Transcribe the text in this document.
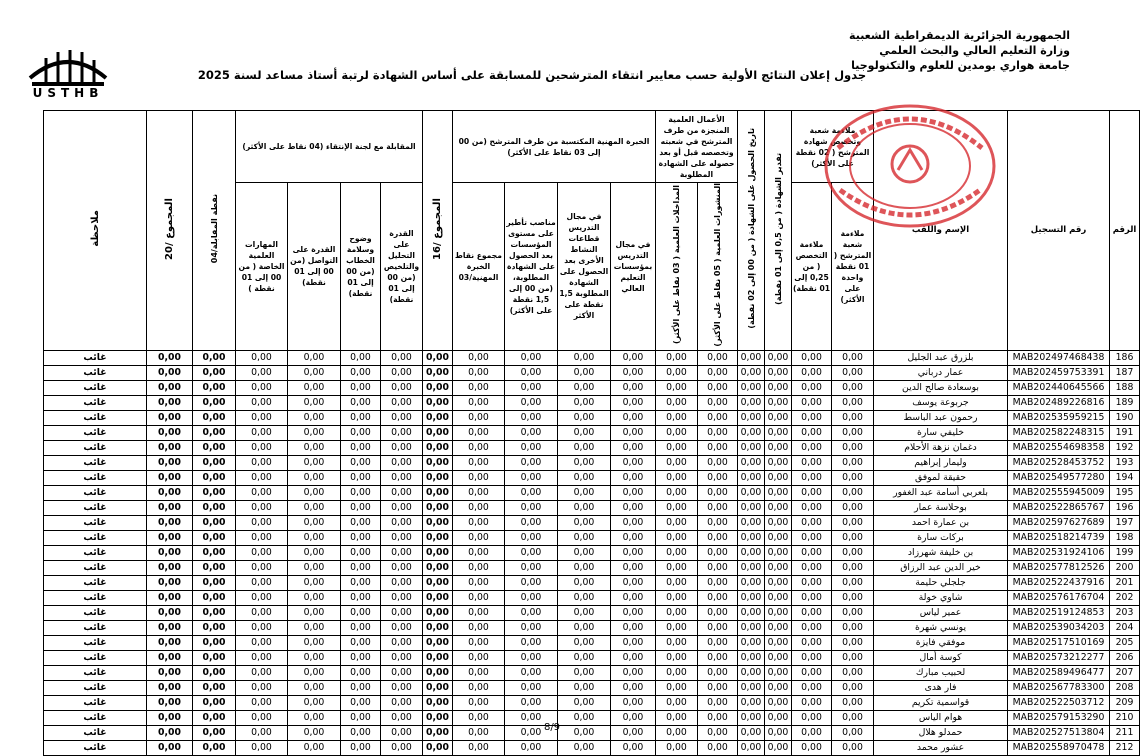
الجمهورية الجزائرية الديمقراطية الشعبية
وزارة التعليم العالي والبحث العلمي
جامعة هواري بومدين للعلوم والتكنولوجيا
USTHB
جدول إعلان النتائج الأولية حسب معايير انتقاء المترشحين للمسابقة على أساس الشهادة لرتبة أستاذ مساعد لسنة 2025
الرقم	رقم التسجيل	الإسم واللقب	ملاءمة شعبة وتخصص شهادة المترشح ( 02 نقطة على الأكثر)		تقدير الشهادة ( من 0,5 إلى 01 نقطة)	تاريخ الحصول على الشهادة ( من 00 إلى 02 نقطة)	الأعمال العلمية المنجزة من طرف المترشح في شعبته وتخصصه قبل أو بعد حصوله على الشهادة المطلوبة		الخبرة المهنية المكتسبة من طرف المترشح (من 00 إلى 03 نقاط على الأكثر)				المجموع /16	المقابلة مع لجنة الإنتقاء (04 نقاط على الأكثر)				نقطة المقابلة/04	المجموع /20	ملاحظة
			ملاءمة شعبة المترشح ( 01 نقطة واحدة على الأكثر)	ملاءمة التخصص ( من 0,25 إلى 01 نقطة)			المنشورات العلمية ( 05 نقاط على الأكثر)	المداخلات العلمية ( 03 نقاط على الأكثر)	في مجال التدريس بمؤسسات التعليم العالي	في مجال التدريس قطاعات النشاط الأخرى بعد الحصول على الشهادة المطلوبة 1,5 نقطة على الأكثر	مناصب تأطير على مستوى المؤسسات بعد الحصول على الشهادة المطلوبة، (من 00 إلى 1,5 نقطة على الأكثر)	مجموع نقاط الخبرة المهنية/03		القدرة على التحليل والتلخيص (من 00 إلى 01 نقطة)	وضوح وسلامة الخطاب (من 00 إلى 01 نقطة)	القدرة على التواصل (من 00 إلى 01 نقطة)	المهارات العلمية الخاصة ( من 00 إلى 01 نقطة )			
186	MAB202497468438	بلزرق عبد الجليل	0,00	0,00	0,00	0,00	0,00	0,00	0,00	0,00	0,00	0,00	0,00	0,00	0,00	0,00	0,00	0,00	0,00	غائب
187	MAB202459753391	عمار درباني	0,00	0,00	0,00	0,00	0,00	0,00	0,00	0,00	0,00	0,00	0,00	0,00	0,00	0,00	0,00	0,00	0,00	غائب
188	MAB202440645566	بوسعادة صالح الدين	0,00	0,00	0,00	0,00	0,00	0,00	0,00	0,00	0,00	0,00	0,00	0,00	0,00	0,00	0,00	0,00	0,00	غائب
189	MAB202489226816	جربوعة يوسف	0,00	0,00	0,00	0,00	0,00	0,00	0,00	0,00	0,00	0,00	0,00	0,00	0,00	0,00	0,00	0,00	0,00	غائب
190	MAB202535959215	رحمون عبد الباسط	0,00	0,00	0,00	0,00	0,00	0,00	0,00	0,00	0,00	0,00	0,00	0,00	0,00	0,00	0,00	0,00	0,00	غائب
191	MAB202582248315	خليفي سارة	0,00	0,00	0,00	0,00	0,00	0,00	0,00	0,00	0,00	0,00	0,00	0,00	0,00	0,00	0,00	0,00	0,00	غائب
192	MAB202554698358	دغمان نزهة الأحلام	0,00	0,00	0,00	0,00	0,00	0,00	0,00	0,00	0,00	0,00	0,00	0,00	0,00	0,00	0,00	0,00	0,00	غائب
193	MAB202528453752	وليمار إبراهيم	0,00	0,00	0,00	0,00	0,00	0,00	0,00	0,00	0,00	0,00	0,00	0,00	0,00	0,00	0,00	0,00	0,00	غائب
194	MAB202549577280	حقيقة لموفق	0,00	0,00	0,00	0,00	0,00	0,00	0,00	0,00	0,00	0,00	0,00	0,00	0,00	0,00	0,00	0,00	0,00	غائب
195	MAB202555945009	بلعربي أسامة عبد الغفور	0,00	0,00	0,00	0,00	0,00	0,00	0,00	0,00	0,00	0,00	0,00	0,00	0,00	0,00	0,00	0,00	0,00	غائب
196	MAB202522865767	بوحلاسة عمار	0,00	0,00	0,00	0,00	0,00	0,00	0,00	0,00	0,00	0,00	0,00	0,00	0,00	0,00	0,00	0,00	0,00	غائب
197	MAB202597627689	بن عمارة احمد	0,00	0,00	0,00	0,00	0,00	0,00	0,00	0,00	0,00	0,00	0,00	0,00	0,00	0,00	0,00	0,00	0,00	غائب
198	MAB202518214739	بركات سارة	0,00	0,00	0,00	0,00	0,00	0,00	0,00	0,00	0,00	0,00	0,00	0,00	0,00	0,00	0,00	0,00	0,00	غائب
199	MAB202531924106	بن خليفة شهرزاد	0,00	0,00	0,00	0,00	0,00	0,00	0,00	0,00	0,00	0,00	0,00	0,00	0,00	0,00	0,00	0,00	0,00	غائب
200	MAB202577812526	خير الدين عبد الرزاق	0,00	0,00	0,00	0,00	0,00	0,00	0,00	0,00	0,00	0,00	0,00	0,00	0,00	0,00	0,00	0,00	0,00	غائب
201	MAB202522437916	جلجلي حليمة	0,00	0,00	0,00	0,00	0,00	0,00	0,00	0,00	0,00	0,00	0,00	0,00	0,00	0,00	0,00	0,00	0,00	غائب
202	MAB202576176704	شاوي خولة	0,00	0,00	0,00	0,00	0,00	0,00	0,00	0,00	0,00	0,00	0,00	0,00	0,00	0,00	0,00	0,00	0,00	غائب
203	MAB202519124853	عمير لياس	0,00	0,00	0,00	0,00	0,00	0,00	0,00	0,00	0,00	0,00	0,00	0,00	0,00	0,00	0,00	0,00	0,00	غائب
204	MAB202539034203	يونسي شهرة	0,00	0,00	0,00	0,00	0,00	0,00	0,00	0,00	0,00	0,00	0,00	0,00	0,00	0,00	0,00	0,00	0,00	غائب
205	MAB202517510169	موفقي فايزة	0,00	0,00	0,00	0,00	0,00	0,00	0,00	0,00	0,00	0,00	0,00	0,00	0,00	0,00	0,00	0,00	0,00	غائب
206	MAB202573212277	كوسة أمال	0,00	0,00	0,00	0,00	0,00	0,00	0,00	0,00	0,00	0,00	0,00	0,00	0,00	0,00	0,00	0,00	0,00	غائب
207	MAB202589496477	لحبيب مبارك	0,00	0,00	0,00	0,00	0,00	0,00	0,00	0,00	0,00	0,00	0,00	0,00	0,00	0,00	0,00	0,00	0,00	غائب
208	MAB202567783300	فار هدى	0,00	0,00	0,00	0,00	0,00	0,00	0,00	0,00	0,00	0,00	0,00	0,00	0,00	0,00	0,00	0,00	0,00	غائب
209	MAB202522503712	قواسمية تكريم	0,00	0,00	0,00	0,00	0,00	0,00	0,00	0,00	0,00	0,00	0,00	0,00	0,00	0,00	0,00	0,00	0,00	غائب
210	MAB202579153290	هوام الياس	0,00	0,00	0,00	0,00	0,00	0,00	0,00	0,00	0,00	0,00	0,00	0,00	0,00	0,00	0,00	0,00	0,00	غائب
211	MAB202527513804	حمدلو هلال	0,00	0,00	0,00	0,00	0,00	0,00	0,00	0,00	0,00	0,00	0,00	0,00	0,00	0,00	0,00	0,00	0,00	غائب
212	MAB202558970478	عشور محمد	0,00	0,00	0,00	0,00	0,00	0,00	0,00	0,00	0,00	0,00	0,00	0,00	0,00	0,00	0,00	0,00	0,00	غائب
8/9
